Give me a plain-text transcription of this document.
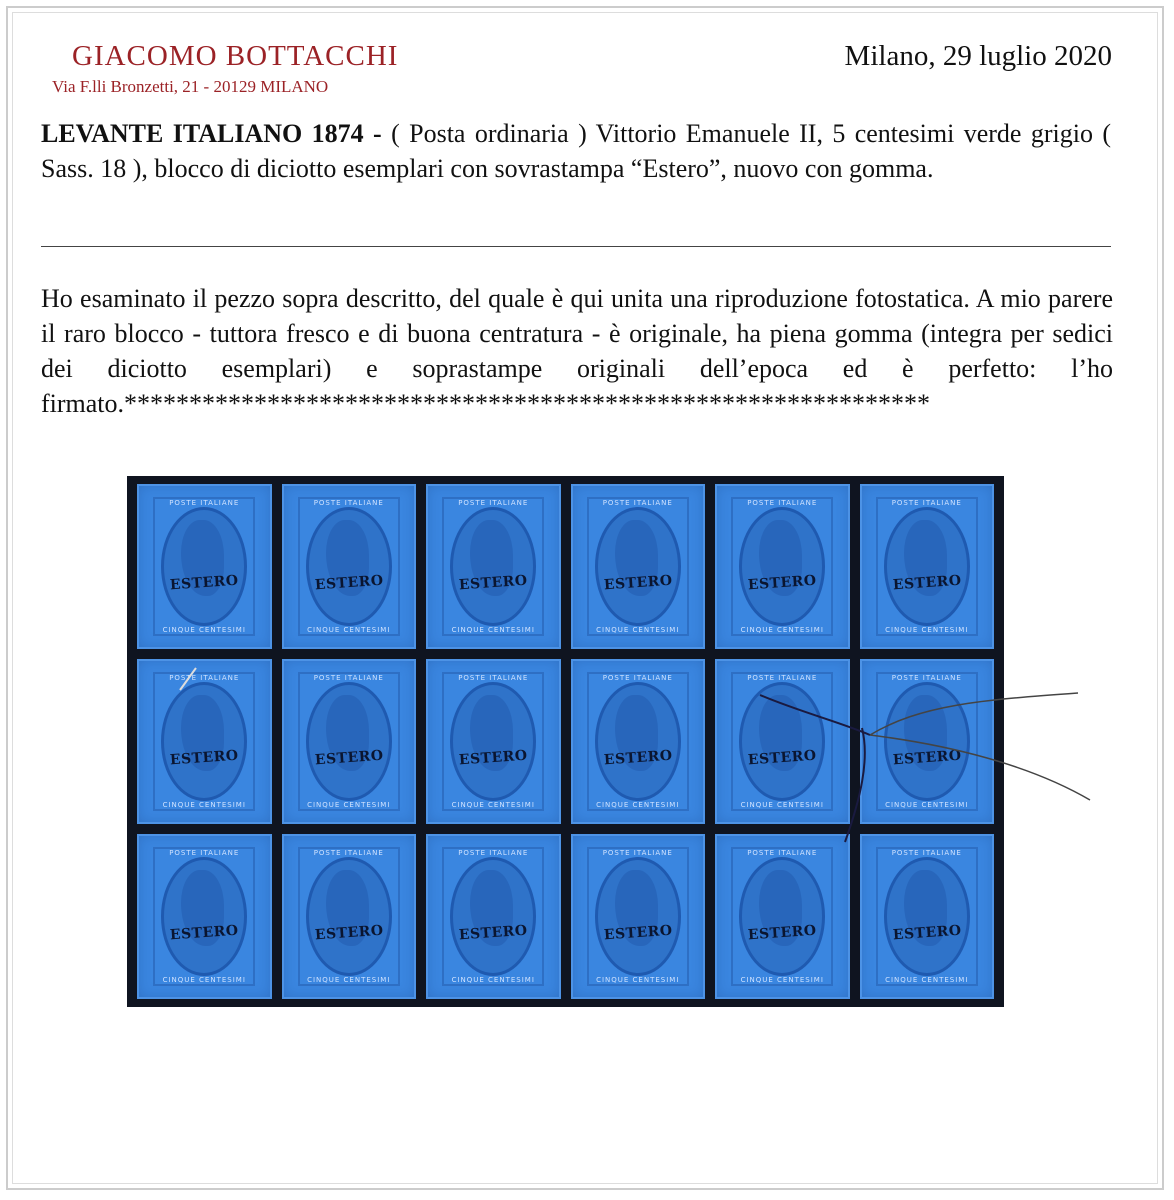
GIACOMO BOTTACCHI
Via F.lli Bronzetti, 21 - 20129 MILANO
Milano, 29 luglio 2020
LEVANTE ITALIANO 1874 - ( Posta ordinaria ) Vittorio Emanuele II, 5 centesimi verde grigio ( Sass. 18 ), blocco di diciotto esemplari con sovrastampa “Estero”, nuovo con gomma.
Ho esaminato il pezzo sopra descritto, del quale è qui unita una riproduzione fotostatica. A mio parere il raro blocco - tuttora fresco e di buona centratura - è originale, ha piena gomma (integra per sedici dei diciotto esemplari) e soprastampe originali dell’epoca ed è perfetto: l’ho firmato.**************************************************************
POSTE ITALIANE
CINQUE CENTESIMI
ESTERO
POSTE ITALIANE
CINQUE CENTESIMI
ESTERO
POSTE ITALIANE
CINQUE CENTESIMI
ESTERO
POSTE ITALIANE
CINQUE CENTESIMI
ESTERO
POSTE ITALIANE
CINQUE CENTESIMI
ESTERO
POSTE ITALIANE
CINQUE CENTESIMI
ESTERO
POSTE ITALIANE
CINQUE CENTESIMI
ESTERO
POSTE ITALIANE
CINQUE CENTESIMI
ESTERO
POSTE ITALIANE
CINQUE CENTESIMI
ESTERO
POSTE ITALIANE
CINQUE CENTESIMI
ESTERO
POSTE ITALIANE
CINQUE CENTESIMI
ESTERO
POSTE ITALIANE
CINQUE CENTESIMI
ESTERO
POSTE ITALIANE
CINQUE CENTESIMI
ESTERO
POSTE ITALIANE
CINQUE CENTESIMI
ESTERO
POSTE ITALIANE
CINQUE CENTESIMI
ESTERO
POSTE ITALIANE
CINQUE CENTESIMI
ESTERO
POSTE ITALIANE
CINQUE CENTESIMI
ESTERO
POSTE ITALIANE
CINQUE CENTESIMI
ESTERO
